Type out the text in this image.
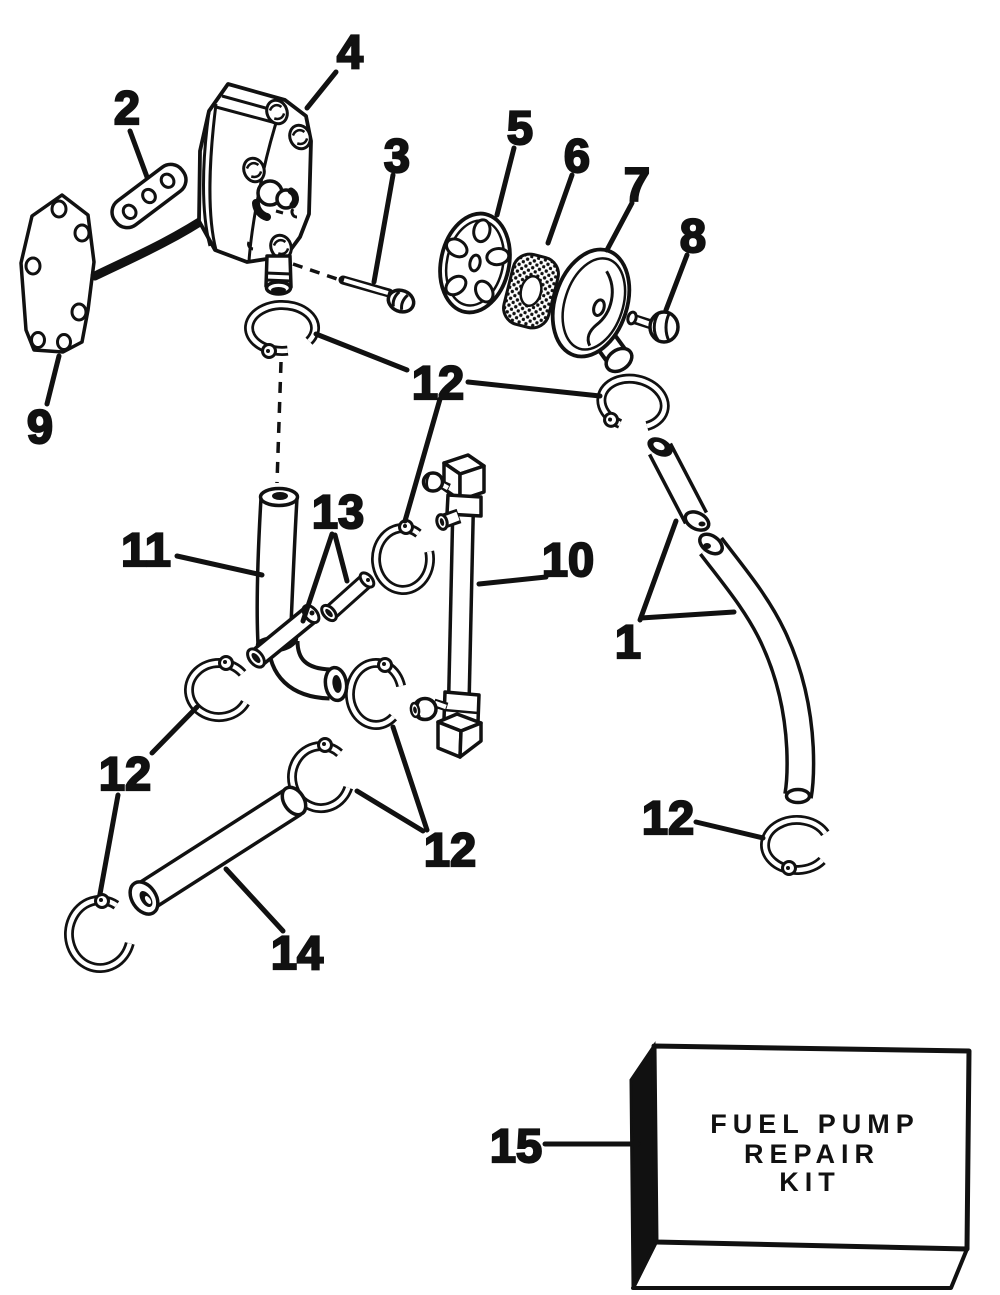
FUEL PUMP
REPAIR
KIT
4
2
3
5
6
7
8
9
12
11
13
10
1
12
12
12
14
15
